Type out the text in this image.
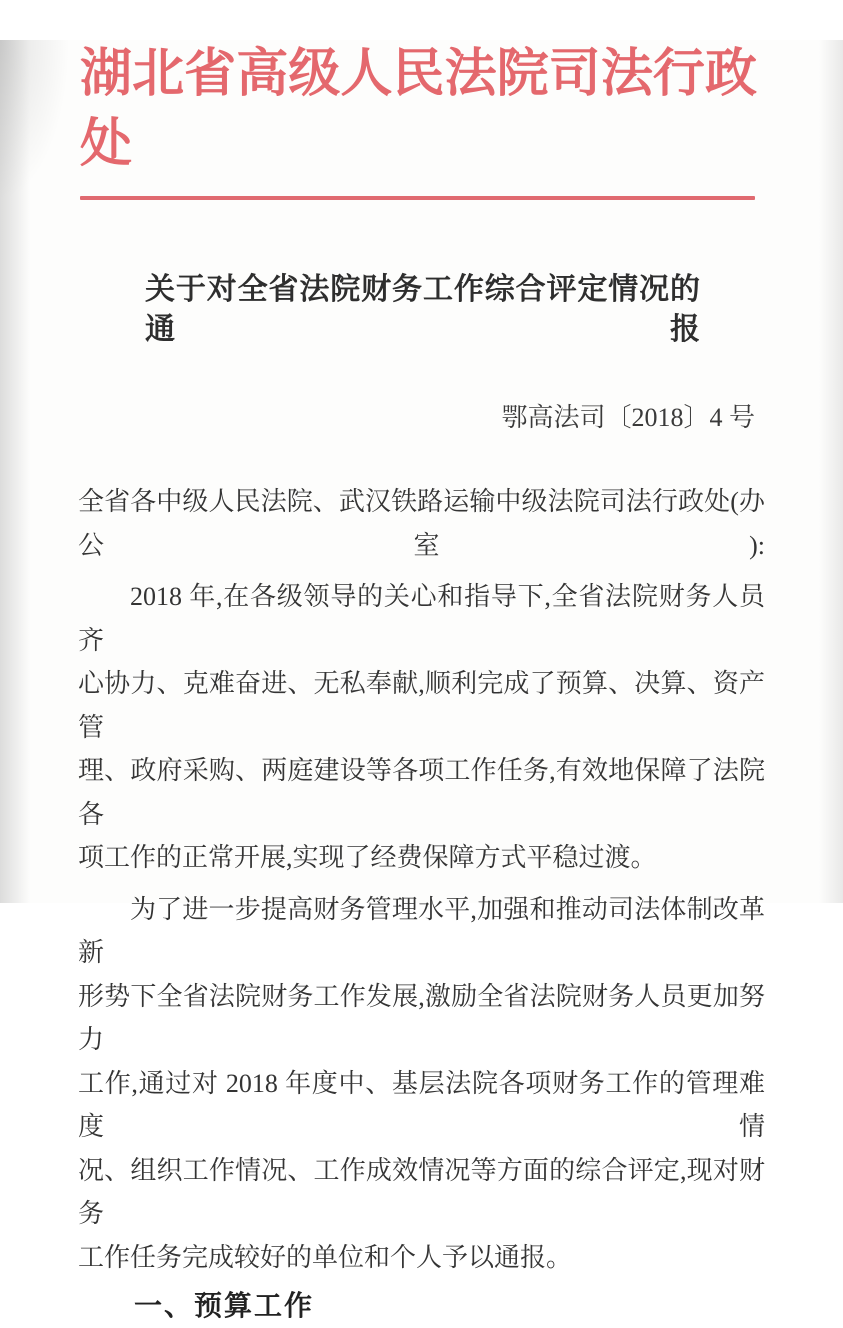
湖北省高级人民法院司法行政处
关于对全省法院财务工作综合评定情况的通报
鄂高法司〔2018〕4 号
全省各中级人民法院、武汉铁路运输中级法院司法行政处(办公室):
2018 年,在各级领导的关心和指导下,全省法院财务人员齐
心协力、克难奋进、无私奉献,顺利完成了预算、决算、资产管
理、政府采购、两庭建设等各项工作任务,有效地保障了法院各
项工作的正常开展,实现了经费保障方式平稳过渡。
为了进一步提高财务管理水平,加强和推动司法体制改革新
形势下全省法院财务工作发展,激励全省法院财务人员更加努力
工作,通过对 2018 年度中、基层法院各项财务工作的管理难度情
况、组织工作情况、工作成效情况等方面的综合评定,现对财务
工作任务完成较好的单位和个人予以通报。
一、预算工作
